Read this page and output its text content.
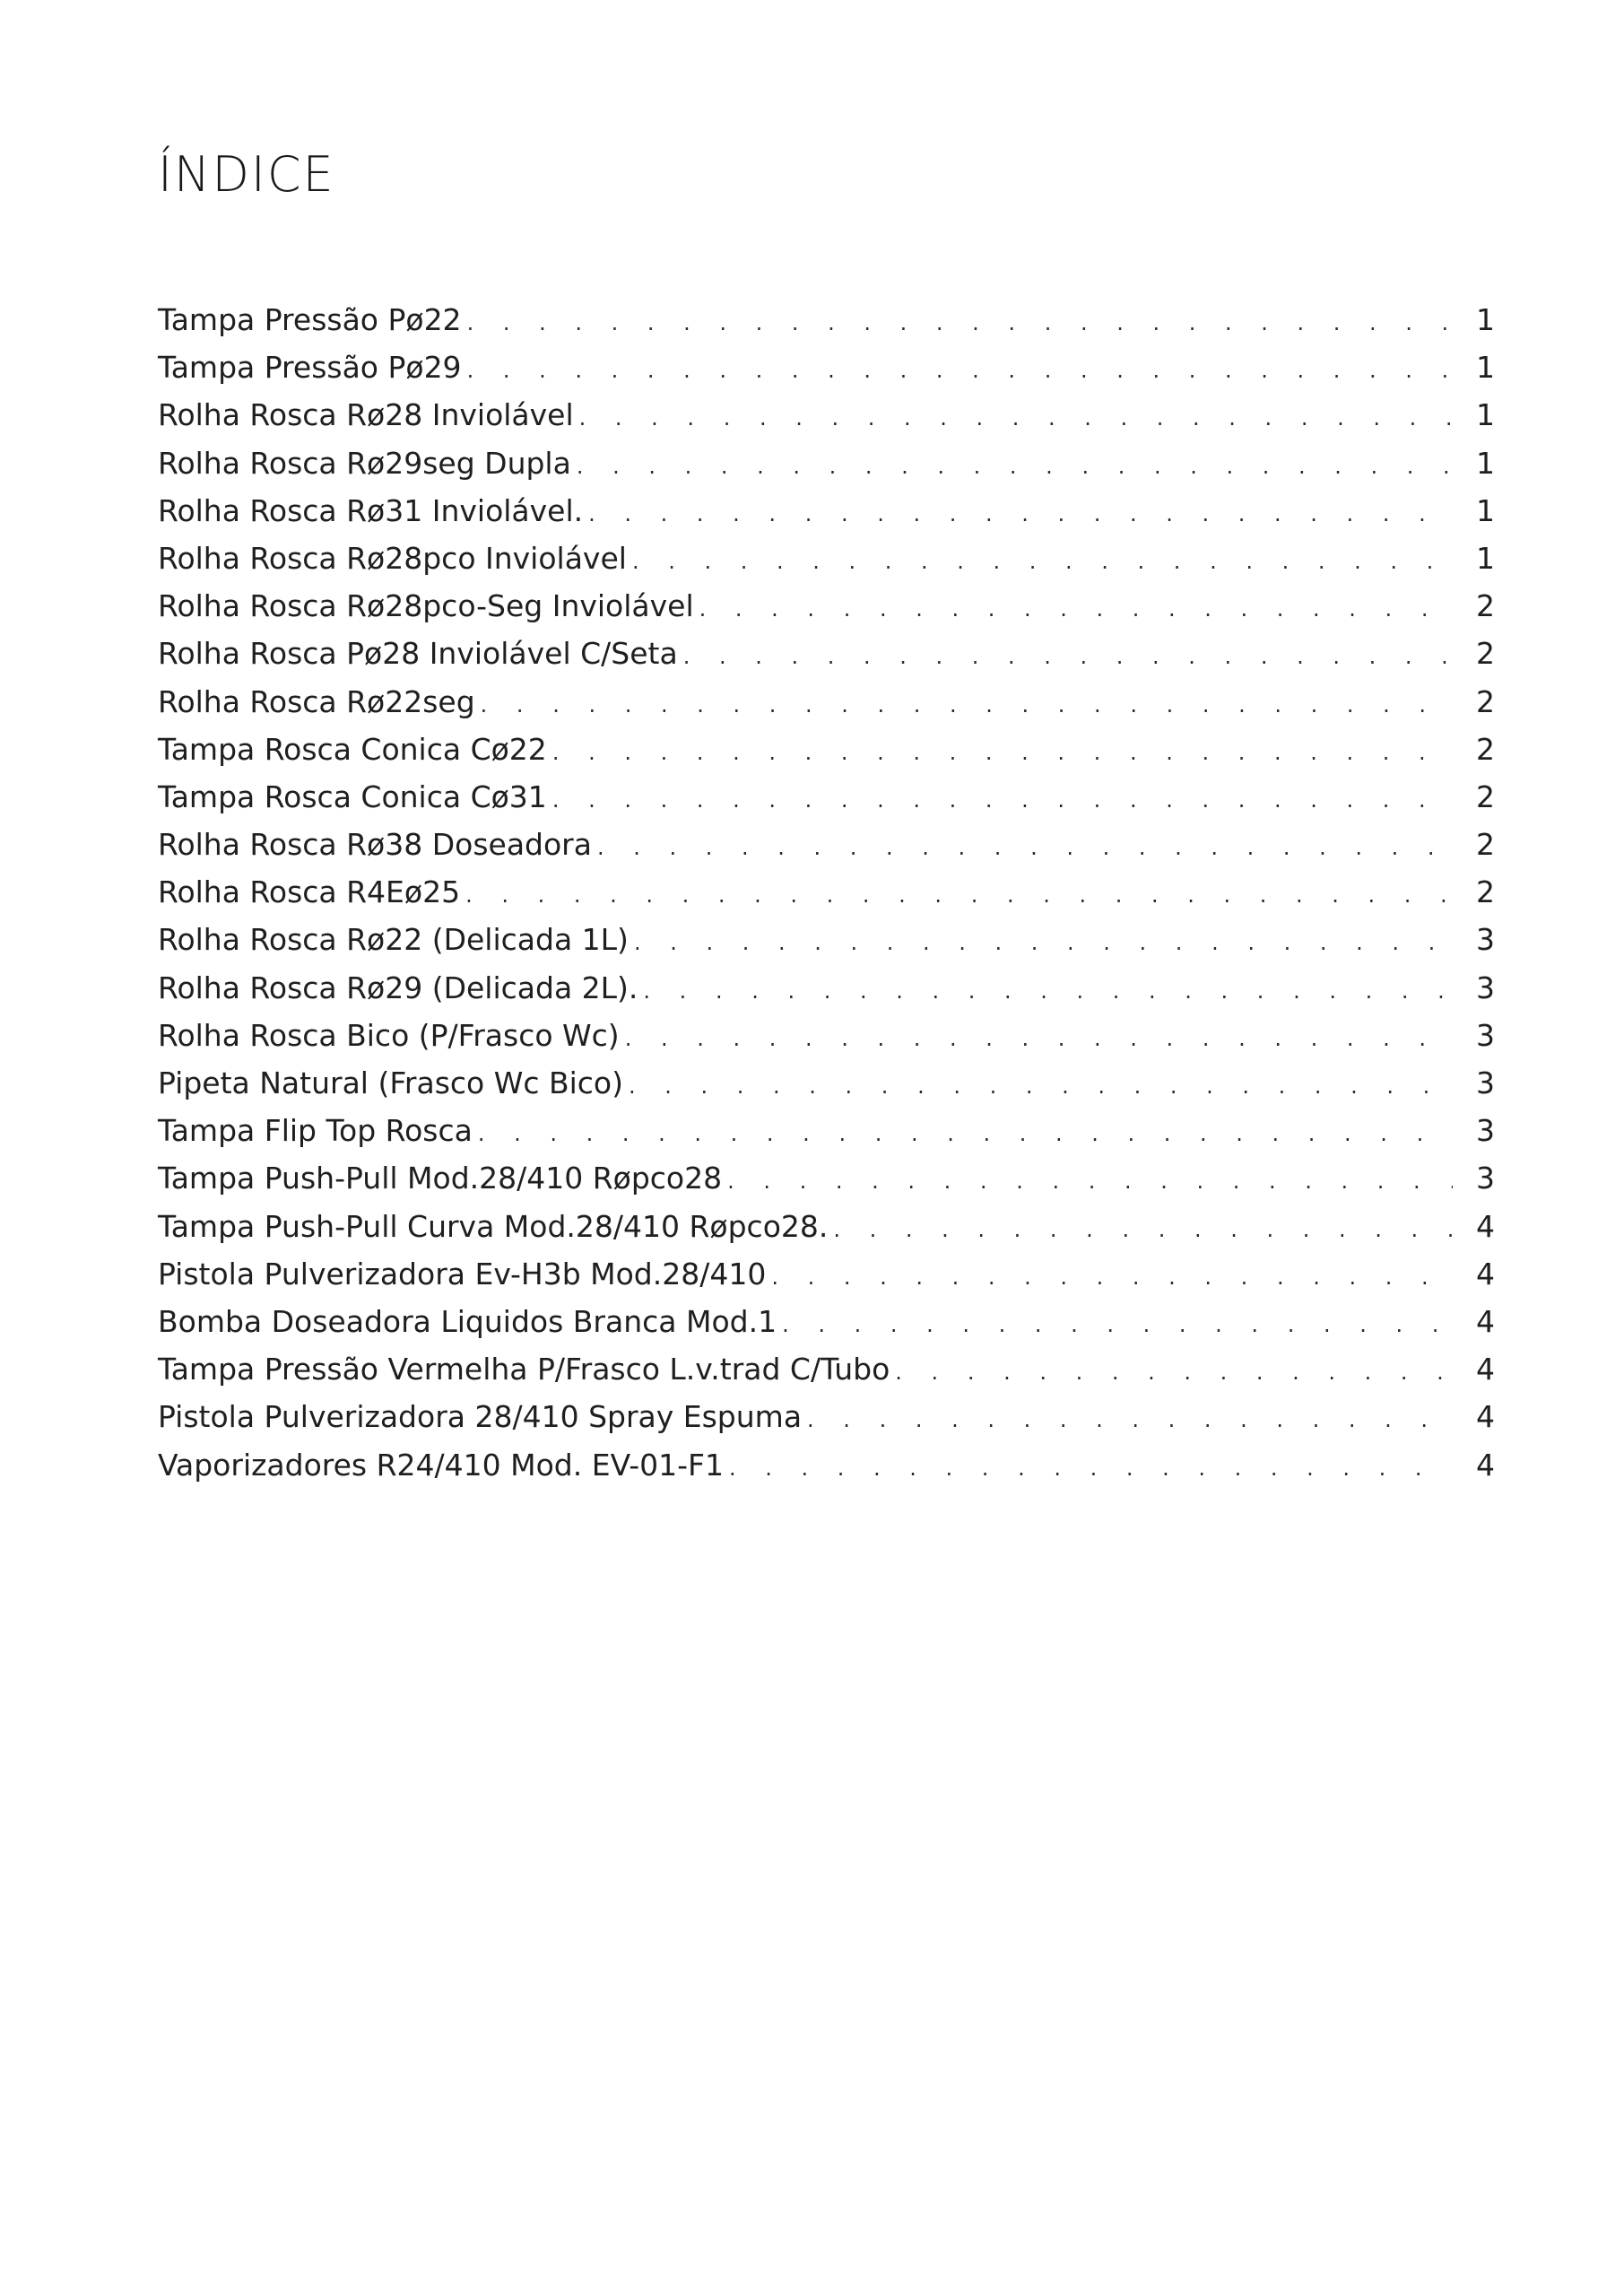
ÍNDICE
Tampa Pressão Pø22 . . .	1
Tampa Pressão Pø29 . . .	1
Rolha Rosca Rø28 Inviolável . . .	1
Rolha Rosca Rø29seg Dupla . . .	1
Rolha Rosca Rø31 Inviolável. . . .	1
Rolha Rosca Rø28pco Inviolável . . .	1
Rolha Rosca Rø28pco-Seg Inviolável . . .	2
Rolha Rosca Pø28 Inviolável C/Seta . . .	2
Rolha Rosca Rø22seg . . .	2
Tampa Rosca Conica Cø22 . . .	2
Tampa Rosca Conica Cø31 . . .	2
Rolha Rosca Rø38 Doseadora . . .	2
Rolha Rosca R4Eø25 . . .	2
Rolha Rosca Rø22 (Delicada 1L) . . .	3
Rolha Rosca Rø29 (Delicada 2L). . . .	3
Rolha Rosca Bico (P/Frasco Wc) . . .	3
Pipeta Natural (Frasco Wc Bico) . . .	3
Tampa Flip Top Rosca . . .	3
Tampa Push-Pull Mod.28/410 Røpco28 . . .	3
Tampa Push-Pull Curva Mod.28/410 Røpco28. . . .	4
Pistola Pulverizadora Ev-H3b Mod.28/410 . . .	4
Bomba Doseadora Liquidos Branca Mod.1 . . .	4
Tampa Pressão Vermelha P/Frasco L.v.trad C/Tubo . . .	4
Pistola Pulverizadora 28/410 Spray Espuma . . .	4
Vaporizadores R24/410 Mod. EV-01-F1 . . .	4
